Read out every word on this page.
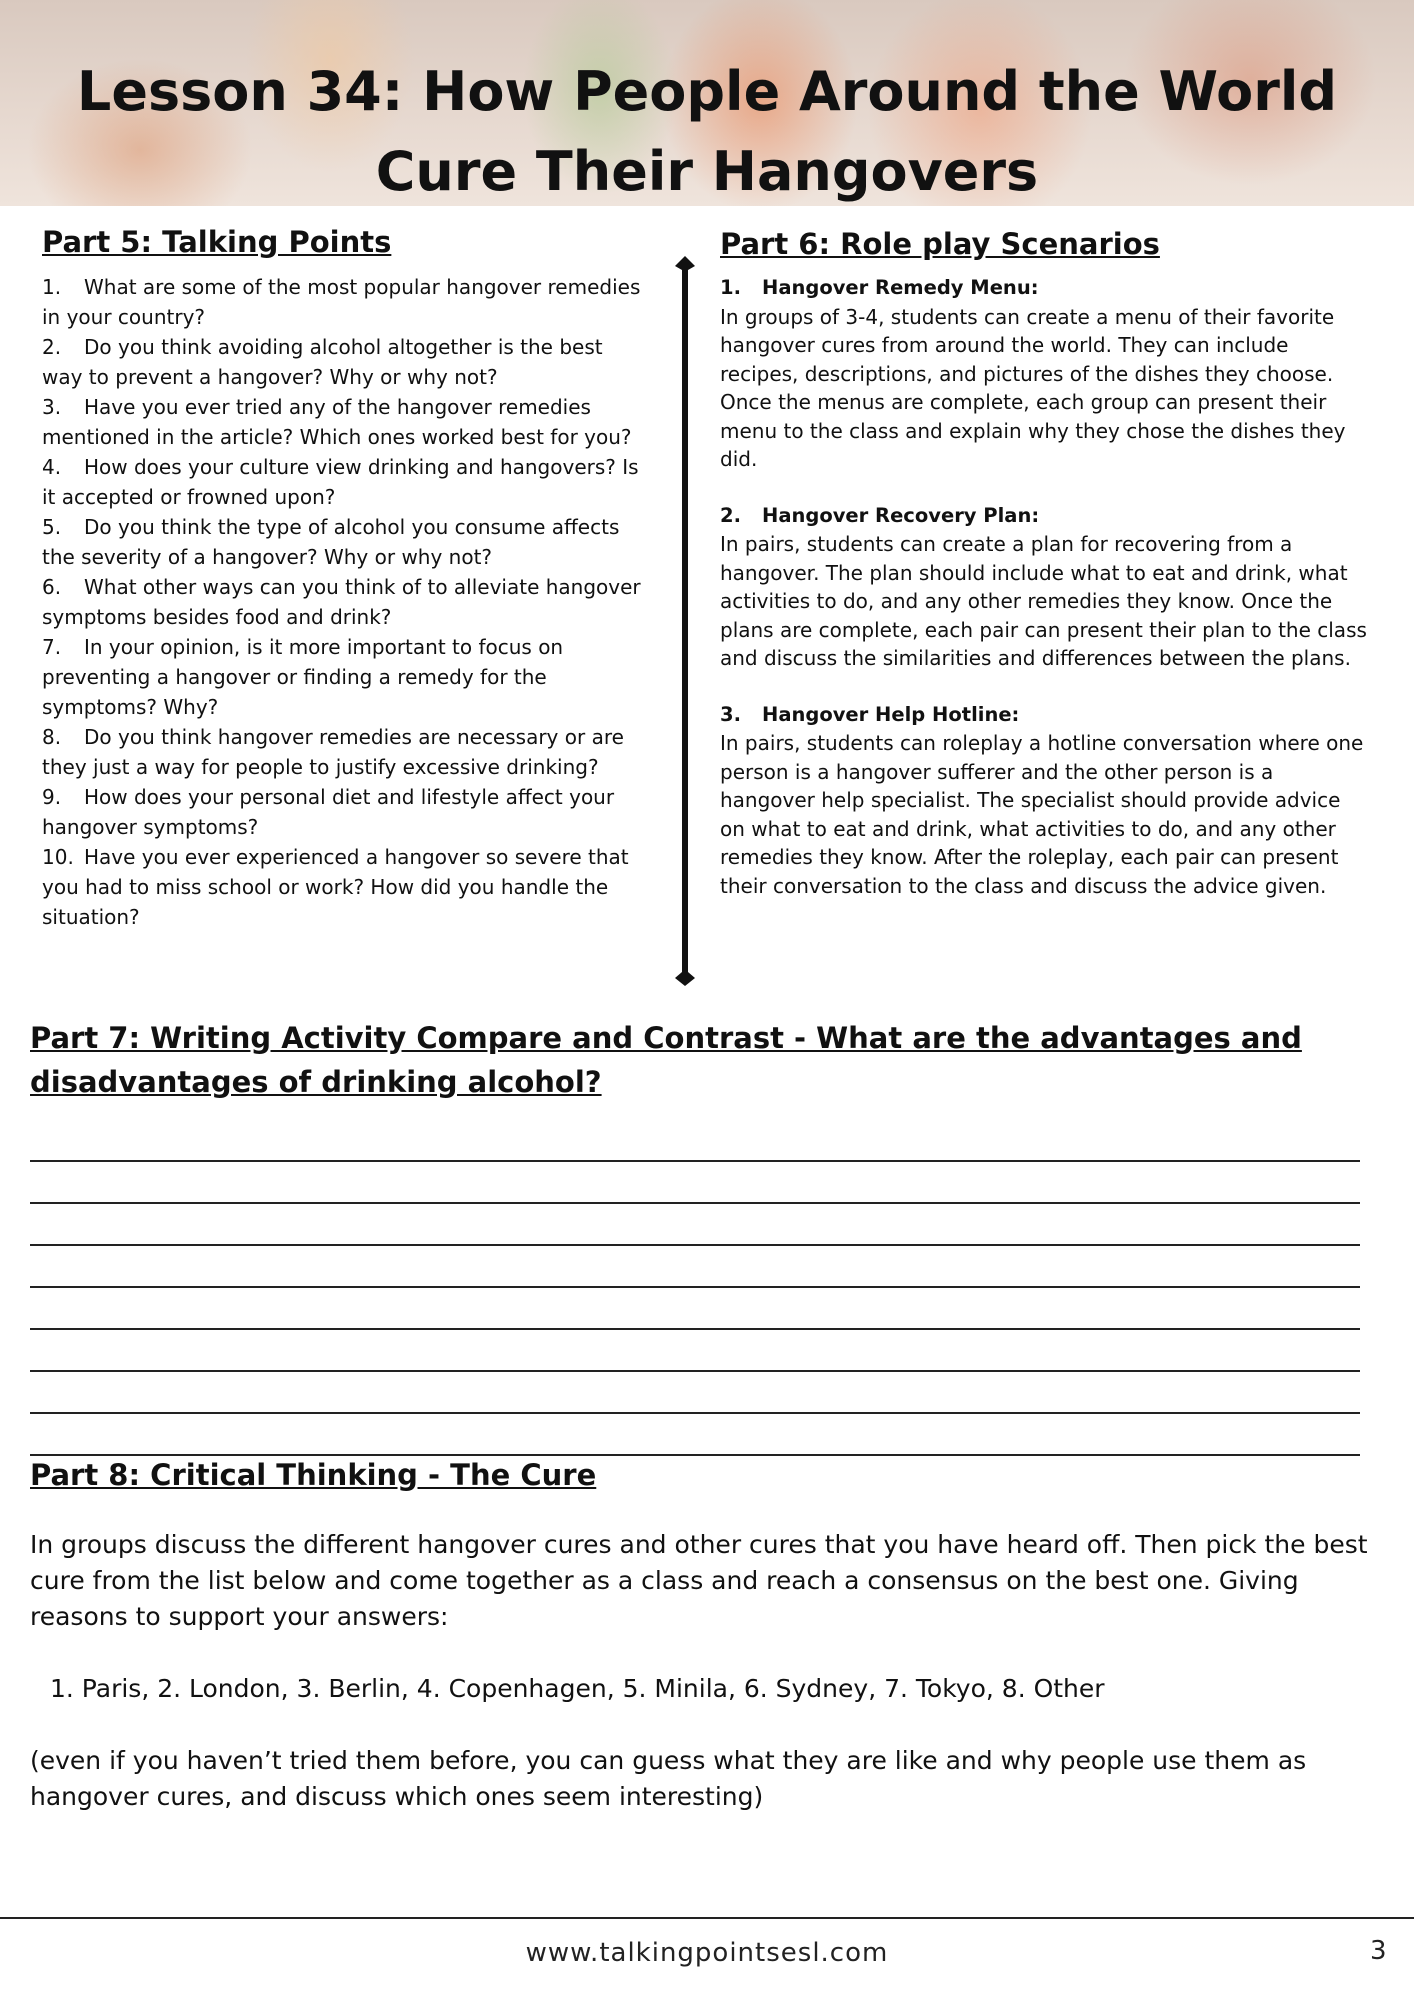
Lesson 34: How People Around the World Cure Their Hangovers
Part 5: Talking Points
1. What are some of the most popular hangover remedies in your country?
2. Do you think avoiding alcohol altogether is the best way to prevent a hangover? Why or why not?
3. Have you ever tried any of the hangover remedies mentioned in the article? Which ones worked best for you?
4. How does your culture view drinking and hangovers? Is it accepted or frowned upon?
5. Do you think the type of alcohol you consume affects the severity of a hangover? Why or why not?
6. What other ways can you think of to alleviate hangover symptoms besides food and drink?
7. In your opinion, is it more important to focus on preventing a hangover or finding a remedy for the symptoms? Why?
8. Do you think hangover remedies are necessary or are they just a way for people to justify excessive drinking?
9. How does your personal diet and lifestyle affect your hangover symptoms?
10. Have you ever experienced a hangover so severe that you had to miss school or work? How did you handle the situation?
Part 6: Role play Scenarios
1. Hangover Remedy Menu:
In groups of 3-4, students can create a menu of their favorite hangover cures from around the world. They can include recipes, descriptions, and pictures of the dishes they choose. Once the menus are complete, each group can present their menu to the class and explain why they chose the dishes they did.
2. Hangover Recovery Plan:
In pairs, students can create a plan for recovering from a hangover. The plan should include what to eat and drink, what activities to do, and any other remedies they know. Once the plans are complete, each pair can present their plan to the class and discuss the similarities and differences between the plans.
3. Hangover Help Hotline:
In pairs, students can roleplay a hotline conversation where one person is a hangover sufferer and the other person is a hangover help specialist. The specialist should provide advice on what to eat and drink, what activities to do, and any other remedies they know. After the roleplay, each pair can present their conversation to the class and discuss the advice given.
Part 7: Writing Activity Compare and Contrast - What are the advantages and disadvantages of drinking alcohol?
Part 8: Critical Thinking - The Cure

In groups discuss the different hangover cures and other cures that you have heard off. Then pick the best cure from the list below and come together as a class and reach a consensus on the best one. Giving reasons to support your answers:

1. Paris, 2. London, 3. Berlin, 4. Copenhagen, 5. Minila, 6. Sydney, 7. Tokyo, 8. Other

(even if you haven’t tried them before, you can guess what they are like and why people use them as hangover cures, and discuss which ones seem interesting)

www.talkingpointsesl.com	3
